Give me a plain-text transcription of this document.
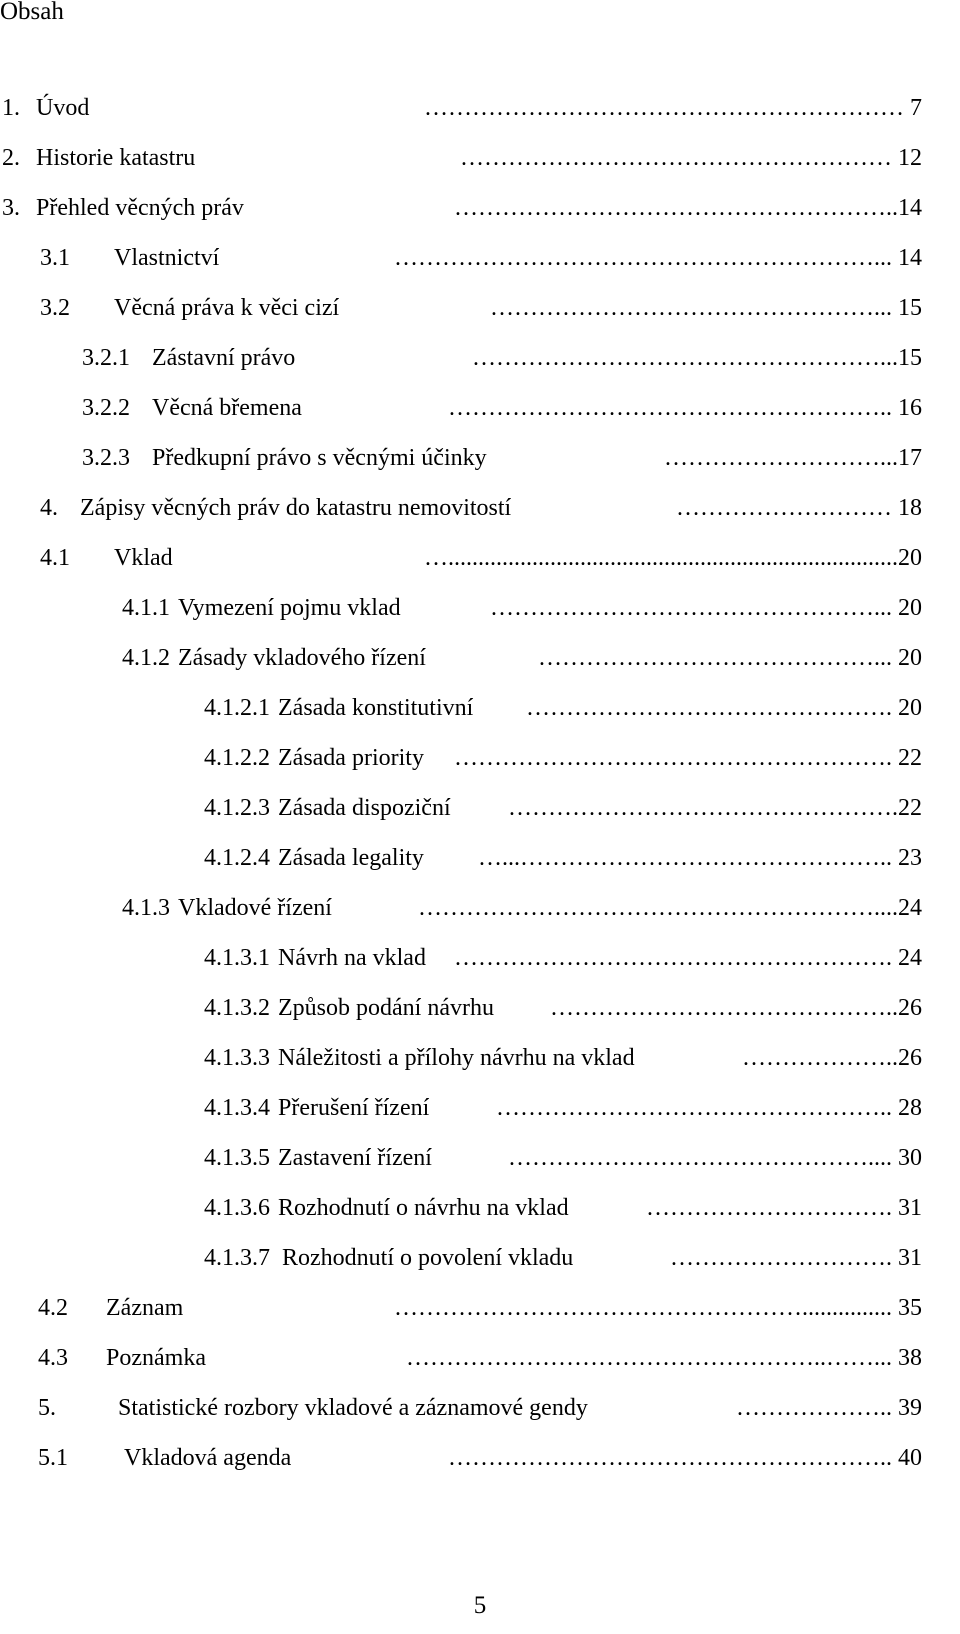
Obsah
1. Úvod	…………………………………………………… 7
2. Historie katastru	……………………………………………… 12
3. Přehled věcných práv	……………………………………………….. 14
3.1 Vlastnictví	……………………………………………………... 14
3.2 Věcná práva k věci cizí	…………………………………………... 15
3.2.1 Zástavní právo	……………………………………………... 15
3.2.2 Věcná břemena	……………………………………………….. 16
3.2.3 Předkupní právo s věcnými účinky	………………………... 17
4. Zápisy věcných práv do katastru nemovitostí	……………………… 18
4.1 Vklad	…........................................................................... 20
4.1.1 Vymezení pojmu vklad	…………………………………………... 20
4.1.2 Zásady vkladového řízení	……………………………………... 20
4.1.2.1 Zásada konstitutivní	………………………………………. 20
4.1.2.2 Zásada priority	………………………………………………. 22
4.1.2.3 Zásada dispoziční	…………………………………………. 22
4.1.2.4 Zásada legality	…...……………………………………….. 23
4.1.3 Vkladové řízení	………………………………………………….... 24
4.1.3.1 Návrh na vklad	………………………………………………. 24
4.1.3.2 Způsob podání návrhu	…………………………………….. 26
4.1.3.3 Náležitosti a přílohy návrhu na vklad	……………….. 26
4.1.3.4 Přerušení řízení	………………………………………….. 28
4.1.3.5 Zastavení řízení	……………………………………….... 30
4.1.3.6 Rozhodnutí o návrhu na vklad	…………………………. 31
4.1.3.7 Rozhodnutí o povolení vkladu	………………………. 31
4.2 Záznam	……………………………………………............... 35
4.3 Poznámka	……………………………………………..……... 38
5.	Statistické rozbory vkladové a záznamové gendy	……………….. 39
5.1 Vkladová agenda	……………………………………………….. 40
5
